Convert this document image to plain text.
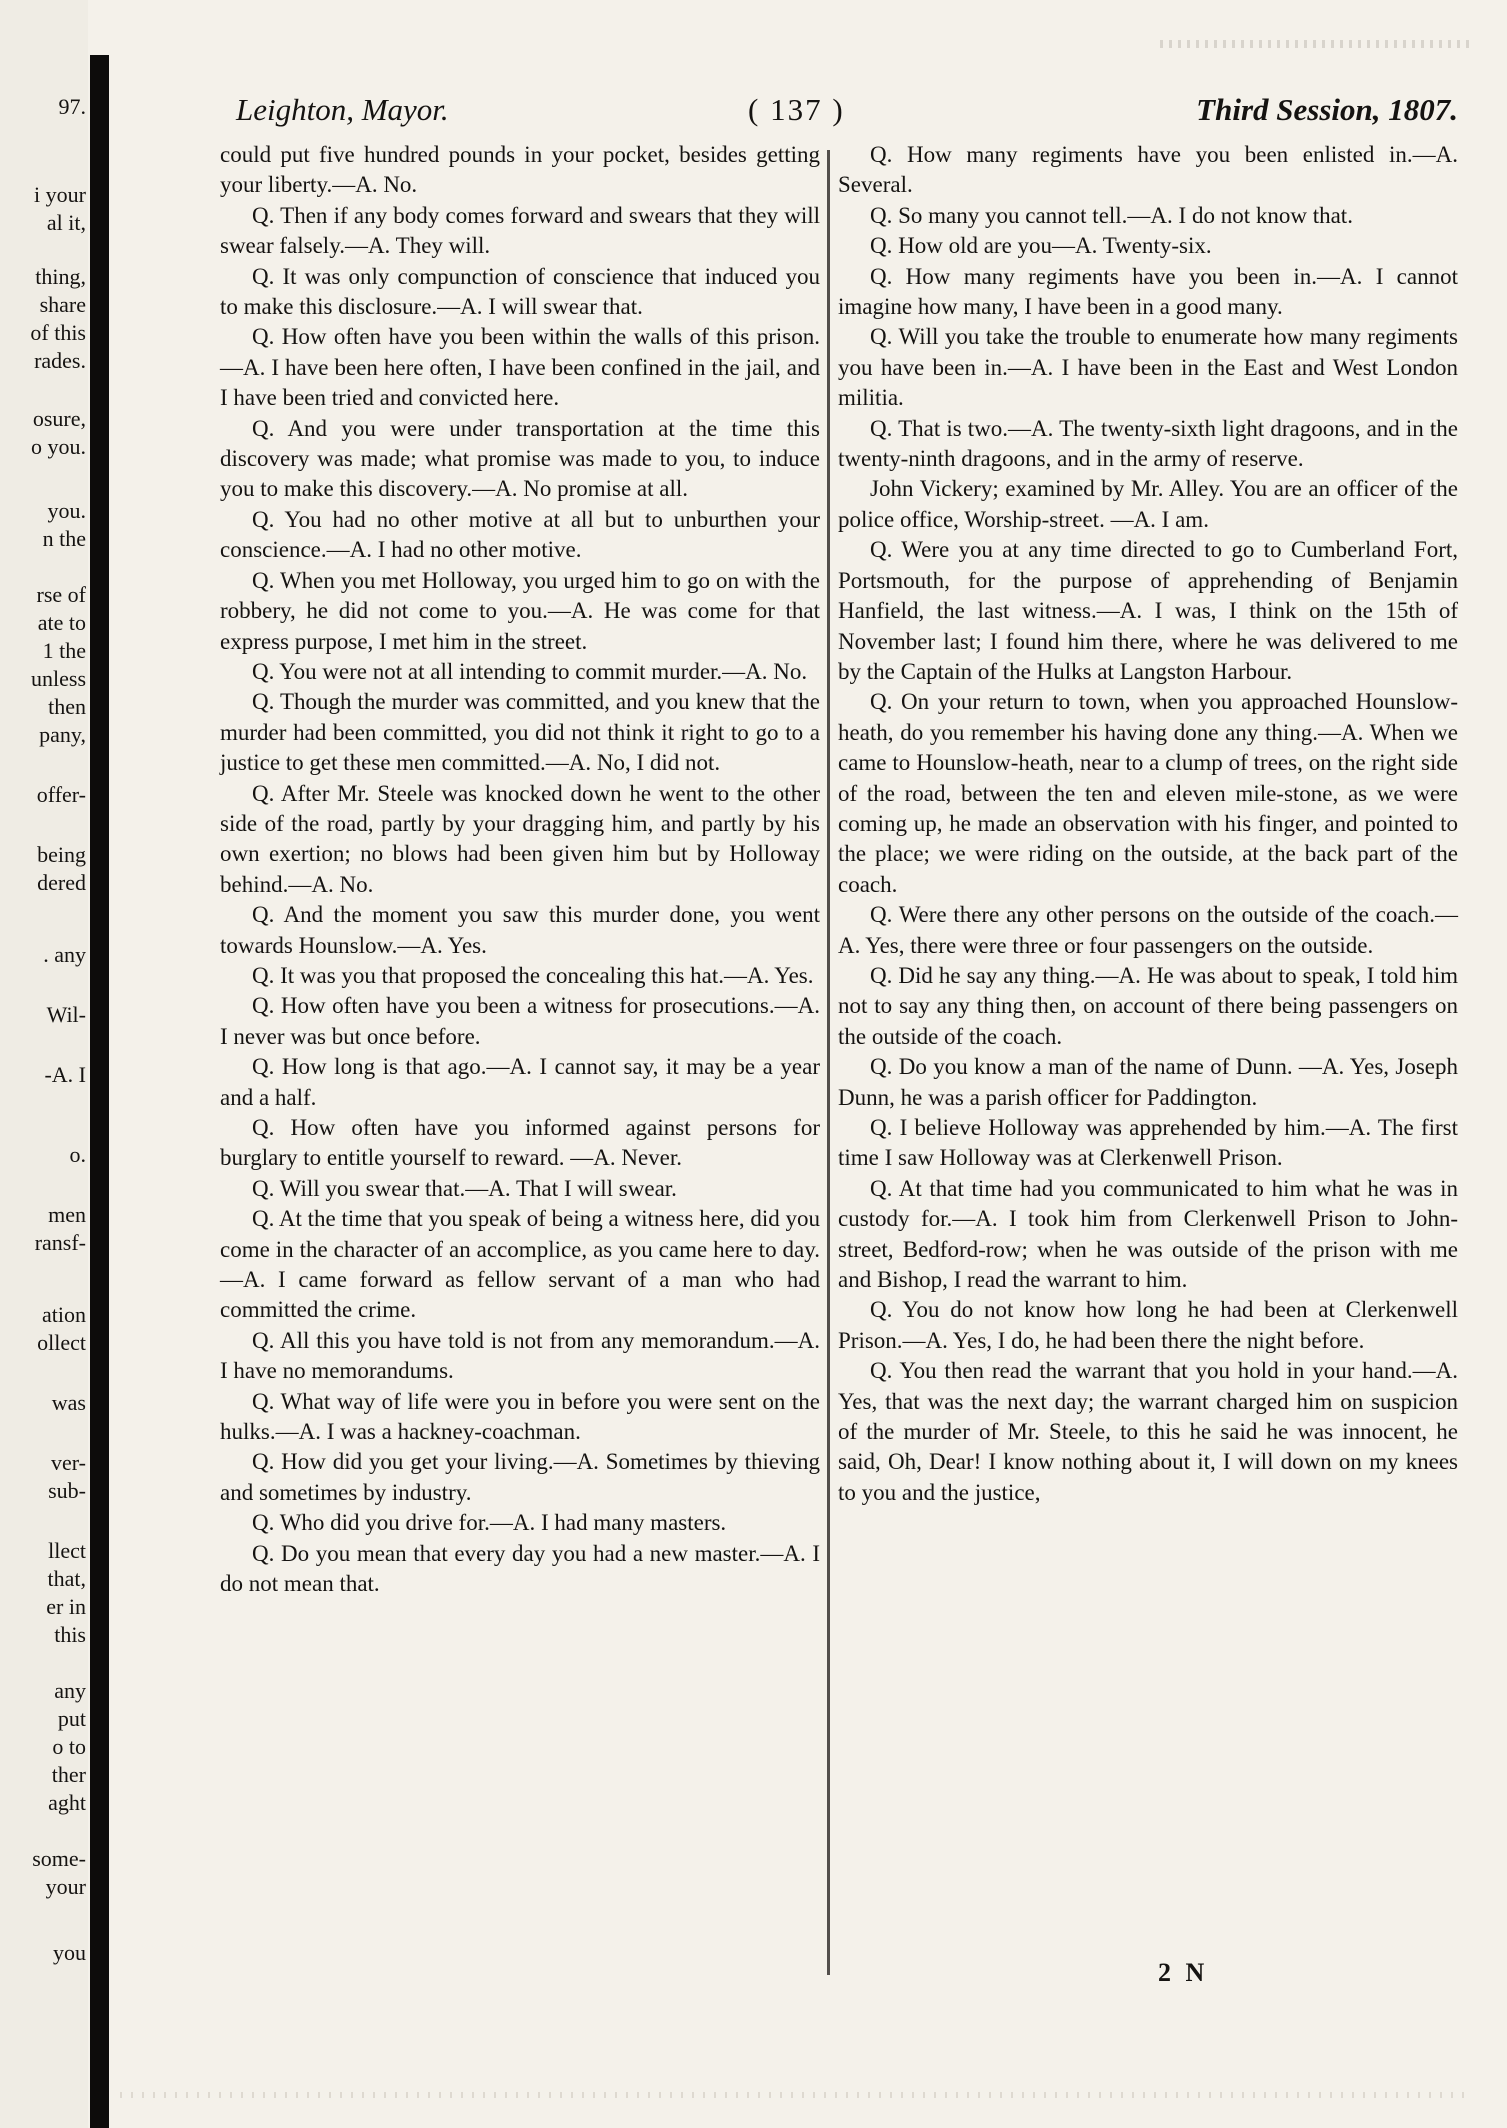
97.
i your
al it,
thing,
share
of this
rades.
osure,
o you.
you.
n the
rse of
ate to
1 the
unless
then
pany,
offer-
being
dered
. any
Wil-
-A. I
o.
men
ransf-
ation
ollect
was
ver-
sub-
llect
that,
er in
this
any
put
o to
ther
aght
some-
your
you
Leighton, Mayor.	( 137 )	Third Session, 1807.

could put five hundred pounds in your pocket, besides getting your liberty.—A. No.

Q. Then if any body comes forward and swears that they will swear falsely.—A. They will.

Q. It was only compunction of conscience that induced you to make this disclosure.—A. I will swear that.

Q. How often have you been within the walls of this prison.—A. I have been here often, I have been confined in the jail, and I have been tried and convicted here.

Q. And you were under transportation at the time this discovery was made; what promise was made to you, to induce you to make this discovery.—A. No promise at all.

Q. You had no other motive at all but to unburthen your conscience.—A. I had no other motive.

Q. When you met Holloway, you urged him to go on with the robbery, he did not come to you.—A. He was come for that express purpose, I met him in the street.

Q. You were not at all intending to commit murder.—A. No.

Q. Though the murder was committed, and you knew that the murder had been committed, you did not think it right to go to a justice to get these men committed.—A. No, I did not.

Q. After Mr. Steele was knocked down he went to the other side of the road, partly by your dragging him, and partly by his own exertion; no blows had been given him but by Holloway behind.—A. No.

Q. And the moment you saw this murder done, you went towards Hounslow.—A. Yes.

Q. It was you that proposed the concealing this hat.—A. Yes.

Q. How often have you been a witness for prosecutions.—A. I never was but once before.

Q. How long is that ago.—A. I cannot say, it may be a year and a half.

Q. How often have you informed against persons for burglary to entitle yourself to reward. —A. Never.

Q. Will you swear that.—A. That I will swear.

Q. At the time that you speak of being a witness here, did you come in the character of an accomplice, as you came here to day.—A. I came forward as fellow servant of a man who had committed the crime.

Q. All this you have told is not from any memorandum.—A. I have no memorandums.

Q. What way of life were you in before you were sent on the hulks.—A. I was a hackney-coachman.

Q. How did you get your living.—A. Sometimes by thieving and sometimes by industry.

Q. Who did you drive for.—A. I had many masters.

Q. Do you mean that every day you had a new master.—A. I do not mean that.

Q. How many regiments have you been enlisted in.—A. Several.

Q. So many you cannot tell.—A. I do not know that.

Q. How old are you—A. Twenty-six.

Q. How many regiments have you been in.—A. I cannot imagine how many, I have been in a good many.

Q. Will you take the trouble to enumerate how many regiments you have been in.—A. I have been in the East and West London militia.

Q. That is two.—A. The twenty-sixth light dragoons, and in the twenty-ninth dragoons, and in the army of reserve.

John Vickery; examined by Mr. Alley. You are an officer of the police office, Worship-street. —A. I am.

Q. Were you at any time directed to go to Cumberland Fort, Portsmouth, for the purpose of apprehending of Benjamin Hanfield, the last witness.—A. I was, I think on the 15th of November last; I found him there, where he was delivered to me by the Captain of the Hulks at Langston Harbour.

Q. On your return to town, when you approached Hounslow-heath, do you remember his having done any thing.—A. When we came to Hounslow-heath, near to a clump of trees, on the right side of the road, between the ten and eleven mile-stone, as we were coming up, he made an observation with his finger, and pointed to the place; we were riding on the outside, at the back part of the coach.

Q. Were there any other persons on the outside of the coach.—A. Yes, there were three or four passengers on the outside.

Q. Did he say any thing.—A. He was about to speak, I told him not to say any thing then, on account of there being passengers on the outside of the coach.

Q. Do you know a man of the name of Dunn. —A. Yes, Joseph Dunn, he was a parish officer for Paddington.

Q. I believe Holloway was apprehended by him.—A. The first time I saw Holloway was at Clerkenwell Prison.

Q. At that time had you communicated to him what he was in custody for.—A. I took him from Clerkenwell Prison to John-street, Bedford-row; when he was outside of the prison with me and Bishop, I read the warrant to him.

Q. You do not know how long he had been at Clerkenwell Prison.—A. Yes, I do, he had been there the night before.

Q. You then read the warrant that you hold in your hand.—A. Yes, that was the next day; the warrant charged him on suspicion of the murder of Mr. Steele, to this he said he was innocent, he said, Oh, Dear! I know nothing about it, I will down on my knees to you and the justice,

2 N
